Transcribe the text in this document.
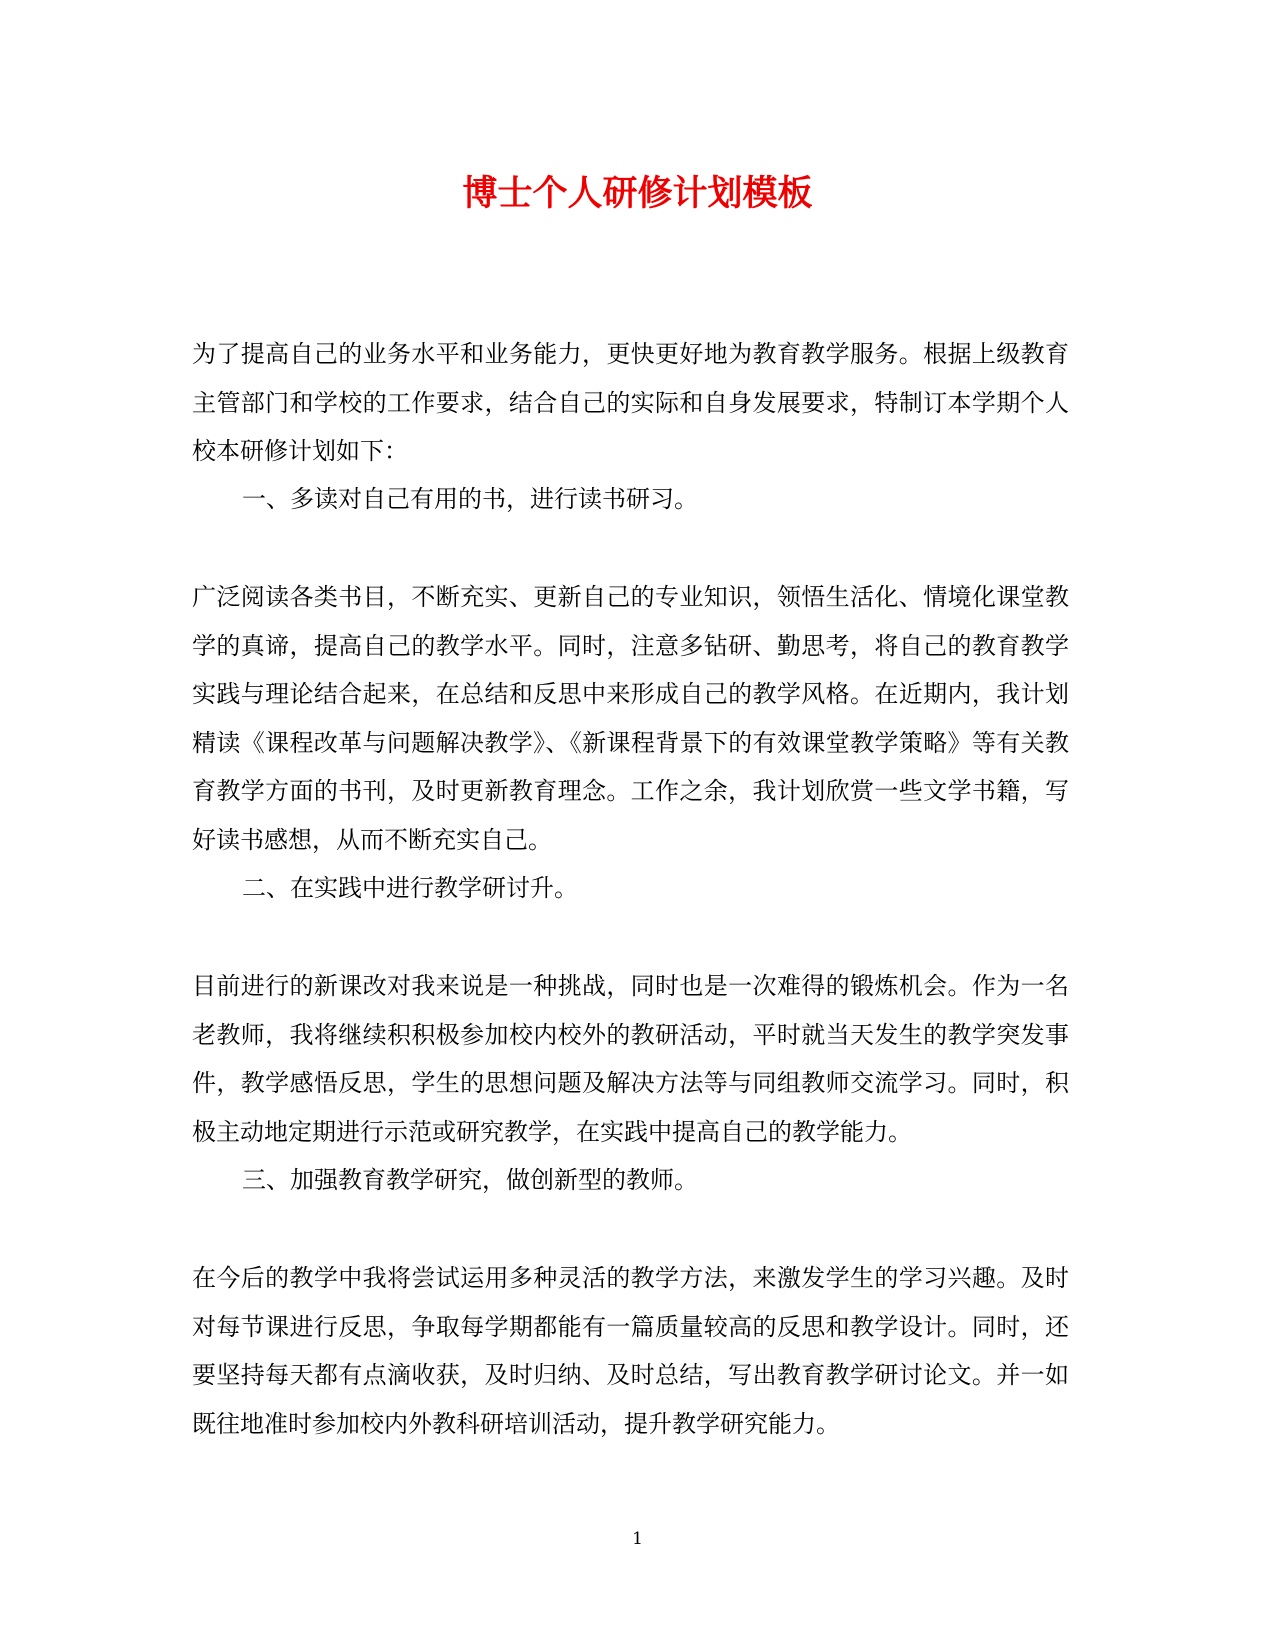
博士个人研修计划模板

为了提高自己的业务水平和业务能力，更快更好地为教育教学服务。根据上级教育主管部门和学校的工作要求，结合自己的实际和自身发展要求，特制订本学期个人校本研修计划如下：

一、多读对自己有用的书，进行读书研习。

广泛阅读各类书目，不断充实、更新自己的专业知识，领悟生活化、情境化课堂教学的真谛，提高自己的教学水平。同时，注意多钻研、勤思考，将自己的教育教学实践与理论结合起来，在总结和反思中来形成自己的教学风格。在近期内，我计划精读《课程改革与问题解决教学》、《新课程背景下的有效课堂教学策略》等有关教育教学方面的书刊，及时更新教育理念。工作之余，我计划欣赏一些文学书籍，写好读书感想，从而不断充实自己。

二、在实践中进行教学研讨升。

目前进行的新课改对我来说是一种挑战，同时也是一次难得的锻炼机会。作为一名老教师，我将继续积积极参加校内校外的教研活动，平时就当天发生的教学突发事件，教学感悟反思，学生的思想问题及解决方法等与同组教师交流学习。同时，积极主动地定期进行示范或研究教学，在实践中提高自己的教学能力。

三、加强教育教学研究，做创新型的教师。

在今后的教学中我将尝试运用多种灵活的教学方法，来激发学生的学习兴趣。及时对每节课进行反思，争取每学期都能有一篇质量较高的反思和教学设计。同时，还要坚持每天都有点滴收获，及时归纳、及时总结，写出教育教学研讨论文。并一如既往地准时参加校内外教科研培训活动，提升教学研究能力。

1
